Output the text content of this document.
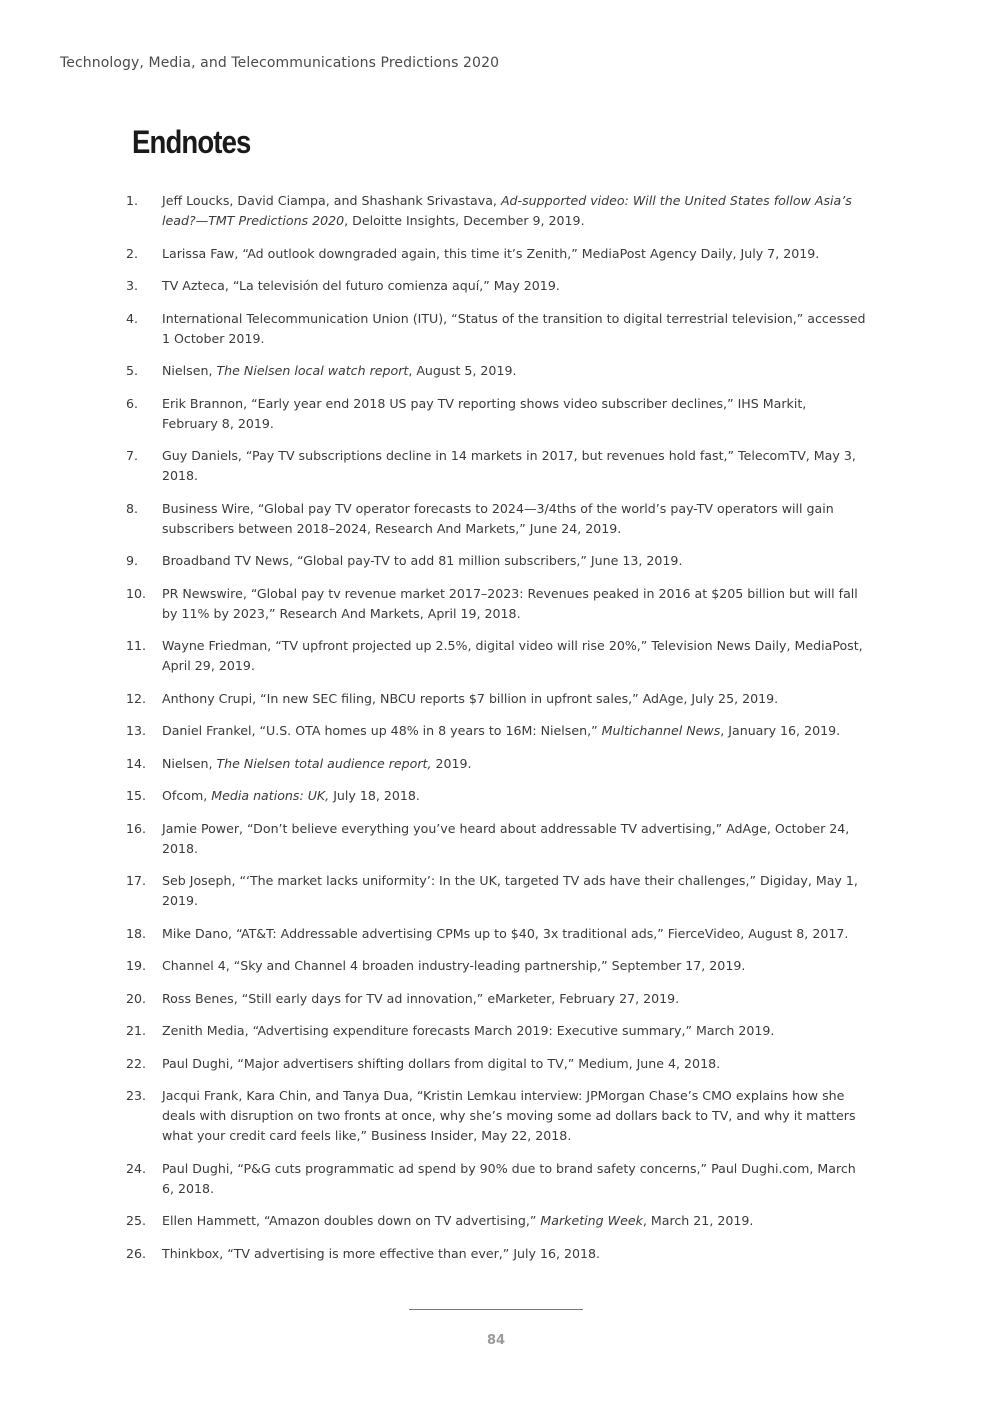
Technology, Media, and Telecommunications Predictions 2020
Endnotes
1.	Jeff Loucks, David Ciampa, and Shashank Srivastava, Ad-supported video: Will the United States follow Asia’s lead?—TMT Predictions 2020, Deloitte Insights, December 9, 2019.
2.	Larissa Faw, “Ad outlook downgraded again, this time it’s Zenith,” MediaPost Agency Daily, July 7, 2019.
3.	TV Azteca, “La televisión del futuro comienza aquí,” May 2019.
4.	International Telecommunication Union (ITU), “Status of the transition to digital terrestrial television,” accessed 1 October 2019.
5.	Nielsen, The Nielsen local watch report, August 5, 2019.
6.	Erik Brannon, “Early year end 2018 US pay TV reporting shows video subscriber declines,” IHS Markit, February 8, 2019.
7.	Guy Daniels, “Pay TV subscriptions decline in 14 markets in 2017, but revenues hold fast,” TelecomTV, May 3, 2018.
8.	Business Wire, “Global pay TV operator forecasts to 2024—3/4ths of the world’s pay-TV operators will gain subscribers between 2018–2024, Research And Markets,” June 24, 2019.
9.	Broadband TV News, “Global pay-TV to add 81 million subscribers,” June 13, 2019.
10.	PR Newswire, “Global pay tv revenue market 2017–2023: Revenues peaked in 2016 at $205 billion but will fall by 11% by 2023,” Research And Markets, April 19, 2018.
11.	Wayne Friedman, “TV upfront projected up 2.5%, digital video will rise 20%,” Television News Daily, MediaPost, April 29, 2019.
12.	Anthony Crupi, “In new SEC filing, NBCU reports $7 billion in upfront sales,” AdAge, July 25, 2019.
13.	Daniel Frankel, “U.S. OTA homes up 48% in 8 years to 16M: Nielsen,” Multichannel News, January 16, 2019.
14.	Nielsen, The Nielsen total audience report, 2019.
15.	Ofcom, Media nations: UK, July 18, 2018.
16.	Jamie Power, “Don’t believe everything you’ve heard about addressable TV advertising,” AdAge, October 24, 2018.
17.	Seb Joseph, “‘The market lacks uniformity’: In the UK, targeted TV ads have their challenges,” Digiday, May 1, 2019.
18.	Mike Dano, “AT&T: Addressable advertising CPMs up to $40, 3x traditional ads,” FierceVideo, August 8, 2017.
19.	Channel 4, “Sky and Channel 4 broaden industry-leading partnership,” September 17, 2019.
20.	Ross Benes, “Still early days for TV ad innovation,” eMarketer, February 27, 2019.
21.	Zenith Media, “Advertising expenditure forecasts March 2019: Executive summary,” March 2019.
22.	Paul Dughi, “Major advertisers shifting dollars from digital to TV,” Medium, June 4, 2018.
23.	Jacqui Frank, Kara Chin, and Tanya Dua, “Kristin Lemkau interview: JPMorgan Chase’s CMO explains how she deals with disruption on two fronts at once, why she’s moving some ad dollars back to TV, and why it matters what your credit card feels like,” Business Insider, May 22, 2018.
24.	Paul Dughi, “P&G cuts programmatic ad spend by 90% due to brand safety concerns,” Paul Dughi.com, March 6, 2018.
25.	Ellen Hammett, “Amazon doubles down on TV advertising,” Marketing Week, March 21, 2019.
26.	Thinkbox, “TV advertising is more effective than ever,” July 16, 2018.
84
